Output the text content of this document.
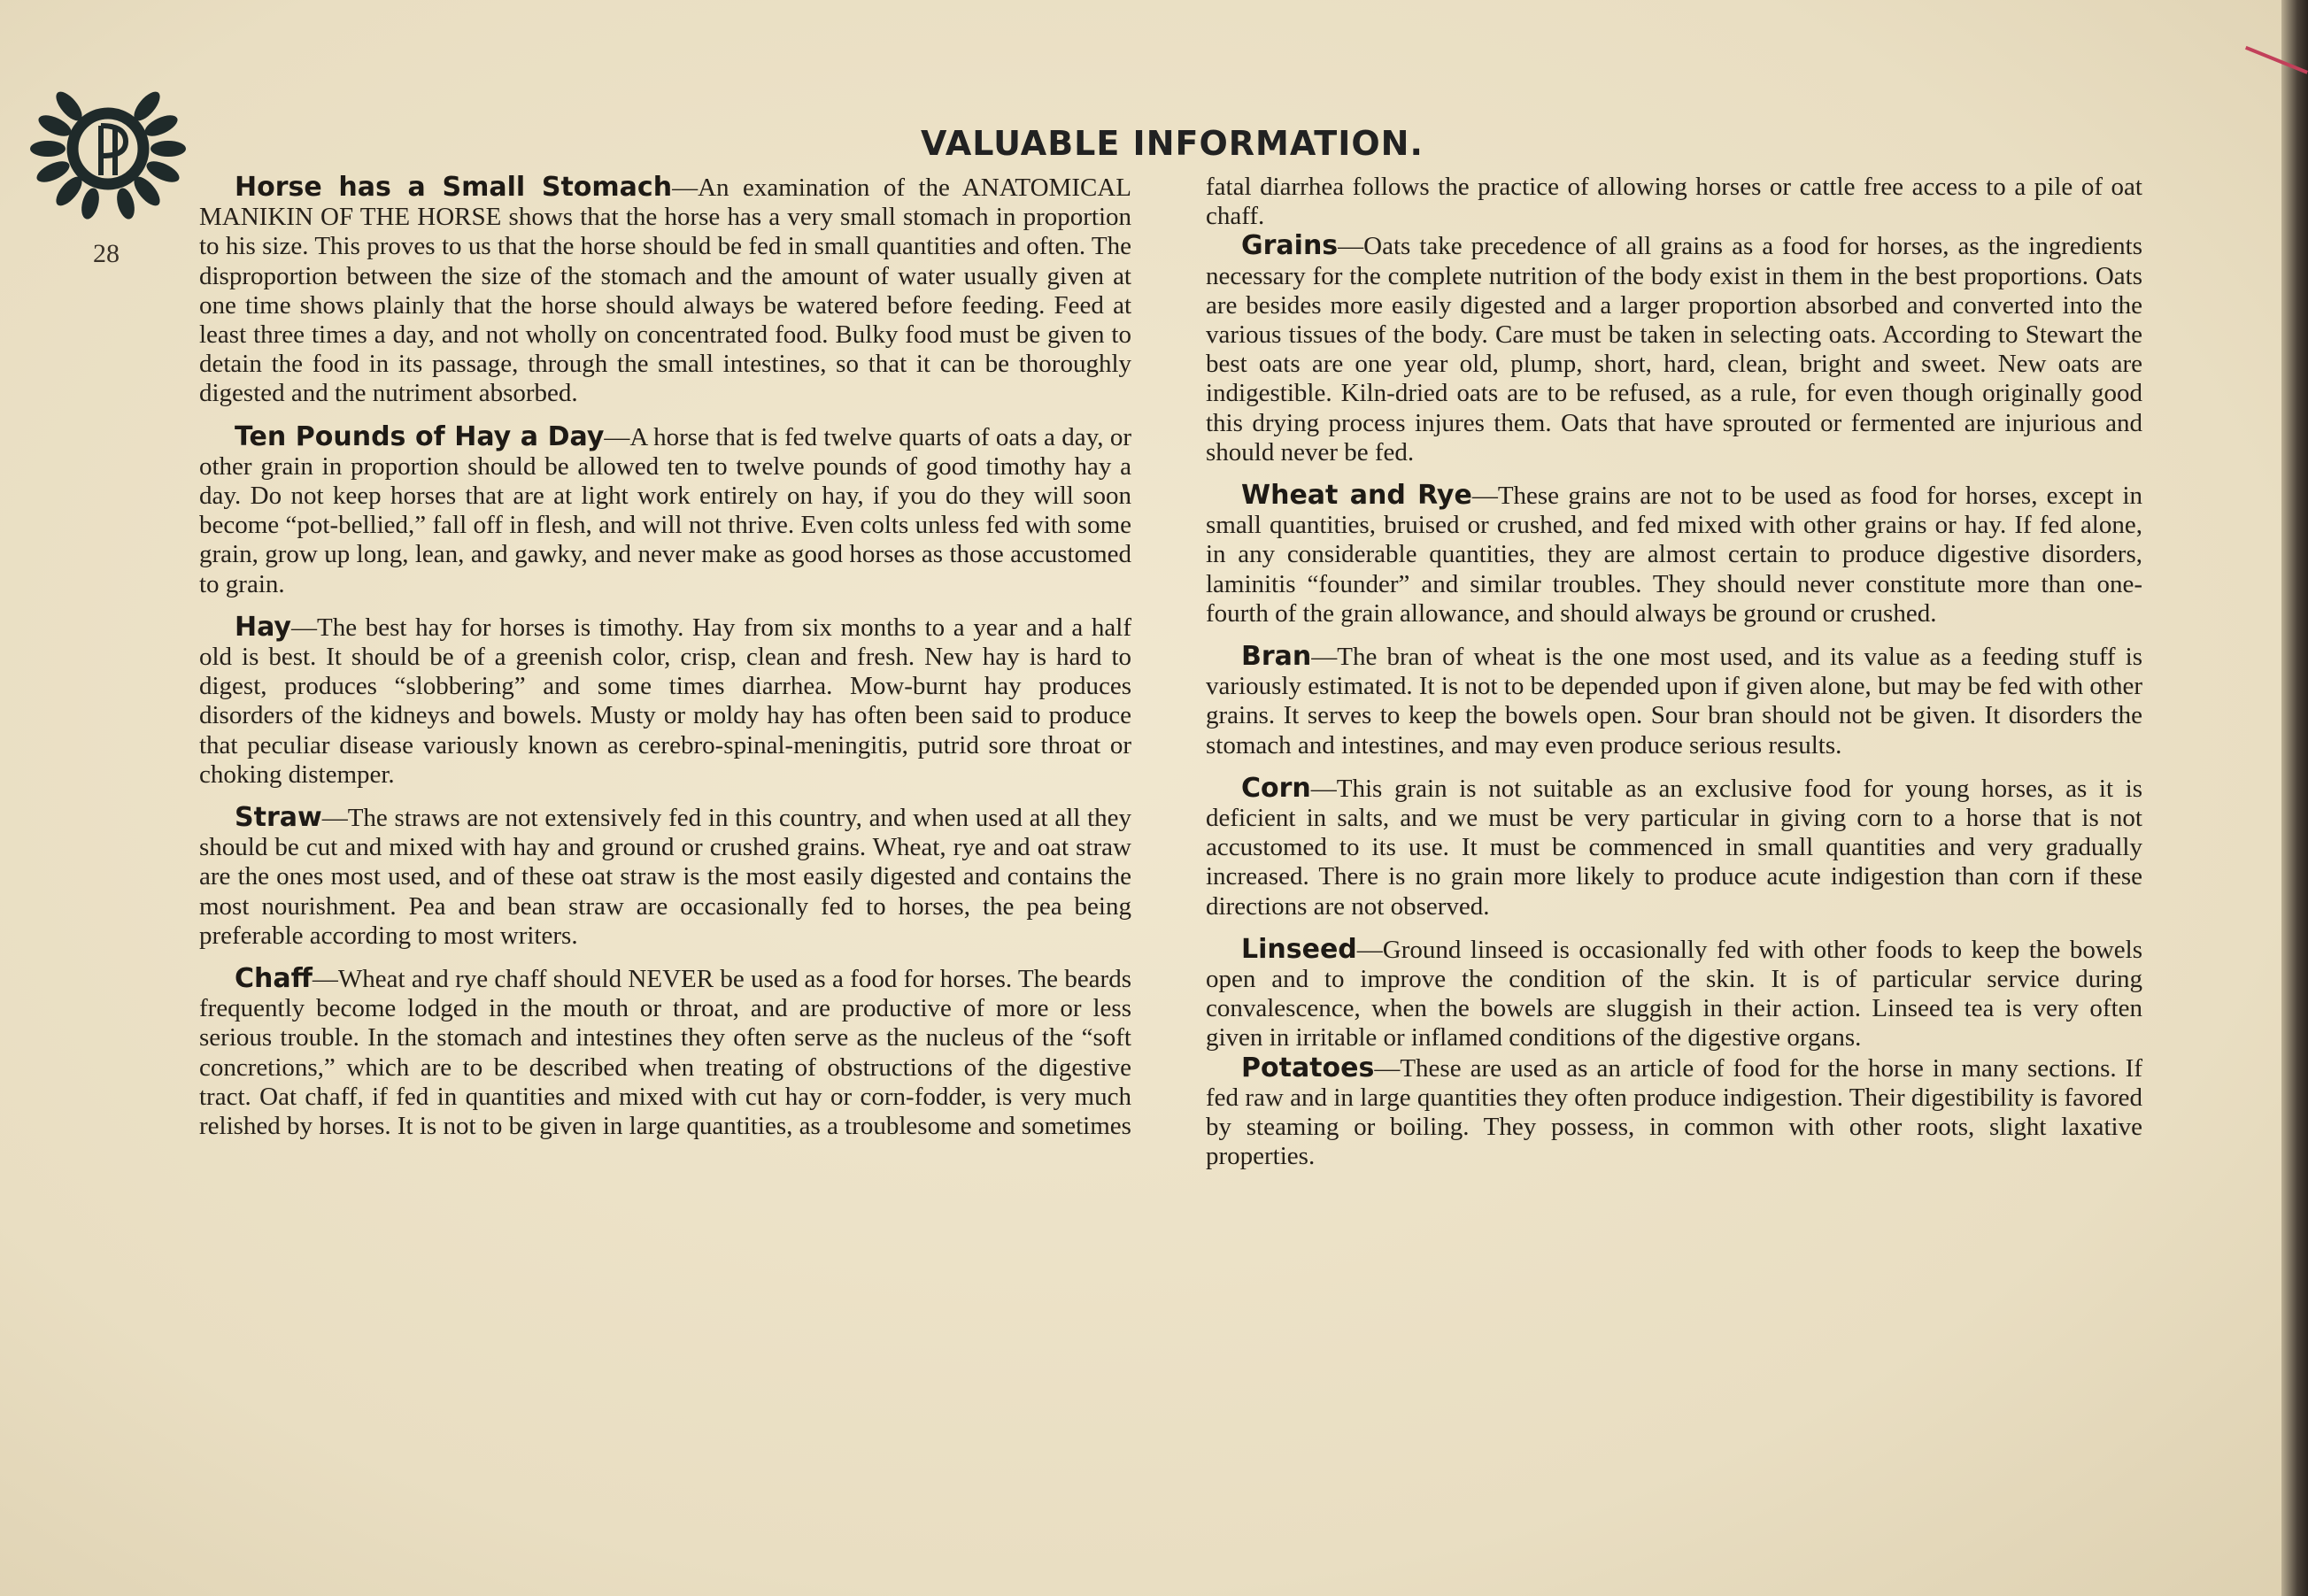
28
VALUABLE INFORMATION.

Horse has a Small Stomach—An examination of the ANATOMICAL MANIKIN OF THE HORSE shows that the horse has a very small stomach in proportion to his size. This proves to us that the horse should be fed in small quantities and often. The disproportion between the size of the stomach and the amount of water usually given at one time shows plainly that the horse should always be watered before feeding. Feed at least three times a day, and not wholly on concentrated food. Bulky food must be given to detain the food in its passage, through the small intestines, so that it can be thoroughly digested and the nutriment absorbed.

Ten Pounds of Hay a Day—A horse that is fed twelve quarts of oats a day, or other grain in proportion should be allowed ten to twelve pounds of good timothy hay a day. Do not keep horses that are at light work entirely on hay, if you do they will soon become “pot-bellied,” fall off in flesh, and will not thrive. Even colts unless fed with some grain, grow up long, lean, and gawky, and never make as good horses as those accustomed to grain.

Hay—The best hay for horses is timothy. Hay from six months to a year and a half old is best. It should be of a greenish color, crisp, clean and fresh. New hay is hard to digest, produces “slobbering” and some times diarrhea. Mow-burnt hay produces disorders of the kidneys and bowels. Musty or moldy hay has often been said to produce that peculiar disease variously known as cerebro-spinal-meningitis, putrid sore throat or choking distemper.

Straw—The straws are not extensively fed in this country, and when used at all they should be cut and mixed with hay and ground or crushed grains. Wheat, rye and oat straw are the ones most used, and of these oat straw is the most easily digested and contains the most nourishment. Pea and bean straw are occasionally fed to horses, the pea being preferable according to most writers.

Chaff—Wheat and rye chaff should NEVER be used as a food for horses. The beards frequently become lodged in the mouth or throat, and are productive of more or less serious trouble. In the stomach and intestines they often serve as the nucleus of the “soft concretions,” which are to be described when treating of obstructions of the digestive tract. Oat chaff, if fed in quantities and mixed with cut hay or corn-fodder, is very much relished by horses. It is not to be given in large quantities, as a troublesome and sometimes

fatal diarrhea follows the practice of allowing horses or cattle free access to a pile of oat chaff.

Grains—Oats take precedence of all grains as a food for horses, as the ingredients necessary for the complete nutrition of the body exist in them in the best proportions. Oats are besides more easily digested and a larger proportion absorbed and converted into the various tissues of the body. Care must be taken in selecting oats. According to Stewart the best oats are one year old, plump, short, hard, clean, bright and sweet. New oats are indigestible. Kiln-dried oats are to be refused, as a rule, for even though originally good this drying process injures them. Oats that have sprouted or fermented are injurious and should never be fed.

Wheat and Rye—These grains are not to be used as food for horses, except in small quantities, bruised or crushed, and fed mixed with other grains or hay. If fed alone, in any considerable quantities, they are almost certain to produce digestive disorders, laminitis “founder” and similar troubles. They should never constitute more than one-fourth of the grain allowance, and should always be ground or crushed.

Bran—The bran of wheat is the one most used, and its value as a feeding stuff is variously estimated. It is not to be depended upon if given alone, but may be fed with other grains. It serves to keep the bowels open. Sour bran should not be given. It disorders the stomach and intestines, and may even produce serious results.

Corn—This grain is not suitable as an exclusive food for young horses, as it is deficient in salts, and we must be very particular in giving corn to a horse that is not accustomed to its use. It must be commenced in small quantities and very gradually increased. There is no grain more likely to produce acute indigestion than corn if these directions are not observed.

Linseed—Ground linseed is occasionally fed with other foods to keep the bowels open and to improve the condition of the skin. It is of particular service during convalescence, when the bowels are sluggish in their action. Linseed tea is very often given in irritable or inflamed conditions of the digestive organs.

Potatoes—These are used as an article of food for the horse in many sections. If fed raw and in large quantities they often produce indigestion. Their digestibility is favored by steaming or boiling. They possess, in common with other roots, slight laxative properties.
